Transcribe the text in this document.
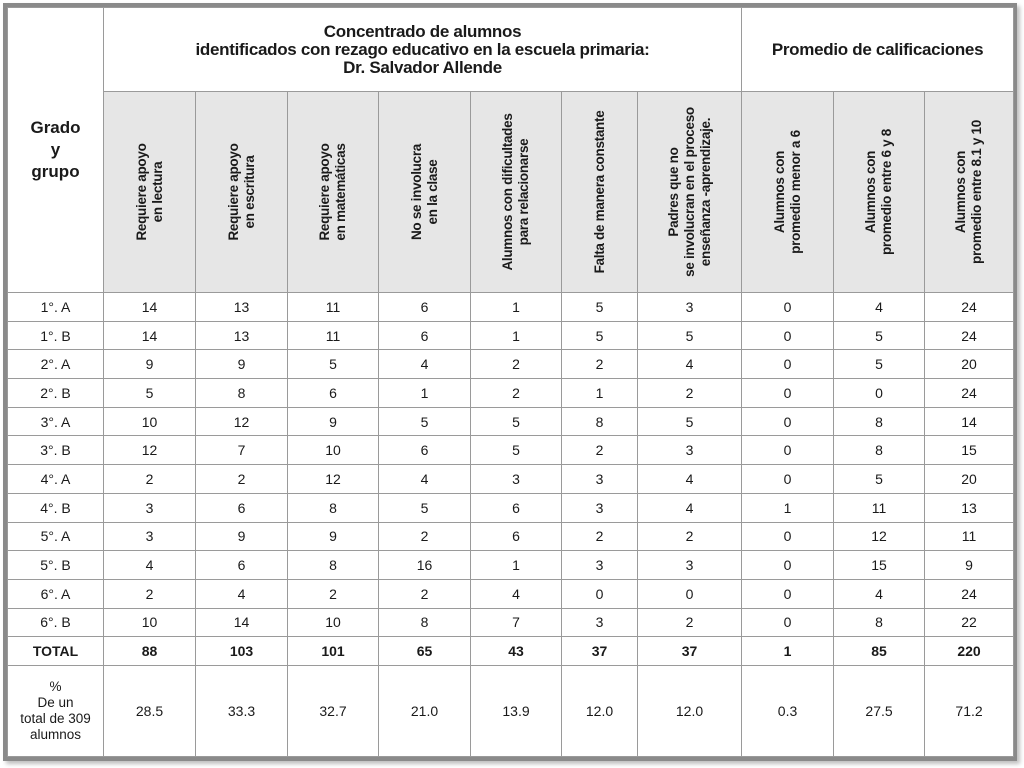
Grado
y
grupo	Concentrado de alumnos
identificados con rezago educativo en la escuela primaria:
Dr. Salvador Allende							Promedio de calificaciones		

	Requiere apoyo en lectura	Requiere apoyo en escritura	Requiere apoyo en matemáticas	No se involucra en la clase	Alumnos con dificultades para relacionarse	Falta de manera constante	Padres que no se involucran en el proceso enseñanza -aprendizaje.	Alumnos con promedio menor a 6	Alumnos con promedio entre 6 y 8	Alumnos con promedio entre 8.1 y 10

1°. A	14	13	11	6	1	5	3	0	4	24
1°. B	14	13	11	6	1	5	5	0	5	24
2°. A	9	9	5	4	2	2	4	0	5	20
2°. B	5	8	6	1	2	1	2	0	0	24
3°. A	10	12	9	5	5	8	5	0	8	14
3°. B	12	7	10	6	5	2	3	0	8	15
4°. A	2	2	12	4	3	3	4	0	5	20
4°. B	3	6	8	5	6	3	4	1	11	13
5°. A	3	9	9	2	6	2	2	0	12	11
5°. B	4	6	8	16	1	3	3	0	15	9
6°. A	2	4	2	2	4	0	0	0	4	24
6°. B	10	14	10	8	7	3	2	0	8	22
TOTAL	88	103	101	65	43	37	37	1	85	220

%
De un
total de 309
alumnos	28.5	33.3	32.7	21.0	13.9	12.0	12.0	0.3	27.5	71.2
